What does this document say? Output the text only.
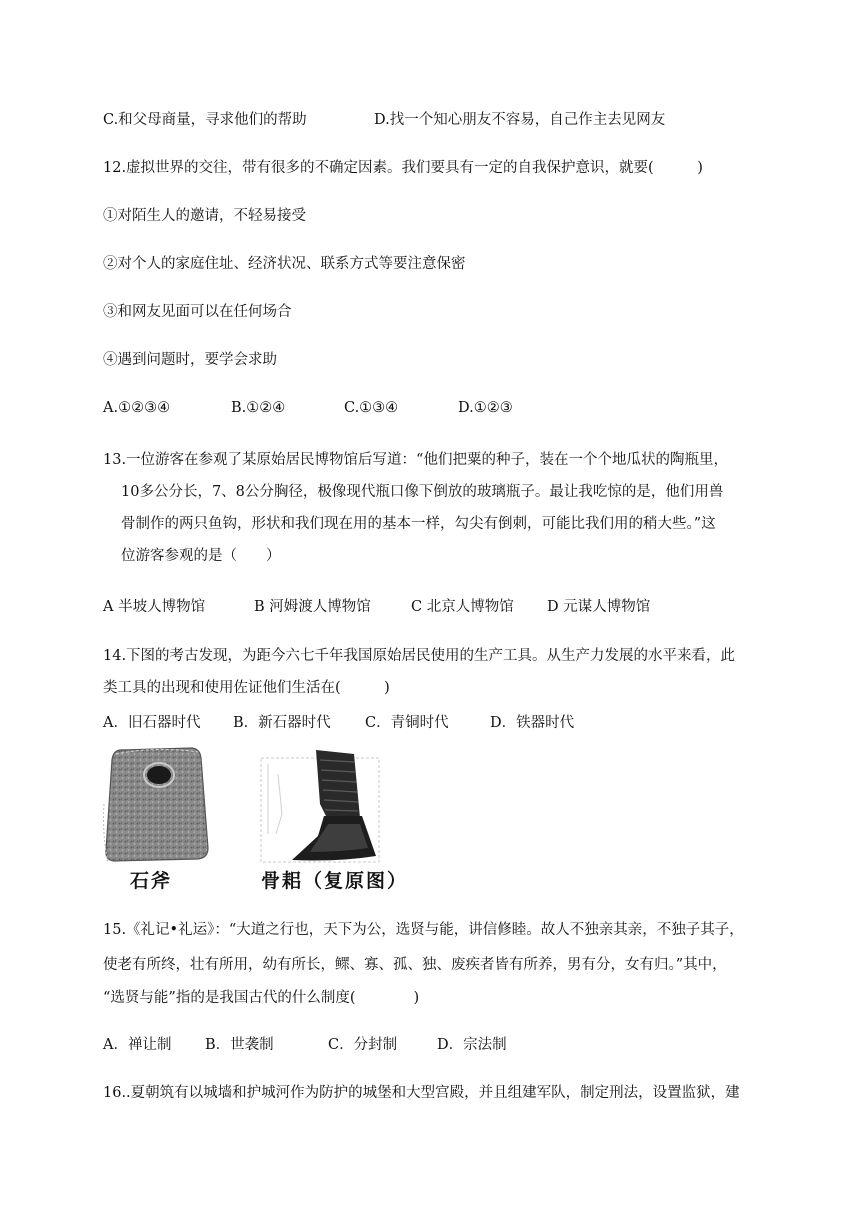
C.和父母商量，寻求他们的帮助	D.找一个知心朋友不容易，自己作主去见网友
12.虚拟世界的交往，带有很多的不确定因素。我们要具有一定的自我保护意识，就要(　　　)
①对陌生人的邀请，不轻易接受
②对个人的家庭住址、经济状况、联系方式等要注意保密
③和网友见面可以在任何场合
④遇到问题时，要学会求助
A.①②③④	B.①②④	C.①③④	D.①②③
13.一位游客在参观了某原始居民博物馆后写道：“他们把粟的种子，装在一个个地瓜状的陶瓶里，
10多公分长，7、8公分胸径，极像现代瓶口像下倒放的玻璃瓶子。最让我吃惊的是，他们用兽
骨制作的两只鱼钩，形状和我们现在用的基本一样，勾尖有倒刺，可能比我们用的稍大些。”这
位游客参观的是（　　）
A 半坡人博物馆	B 河姆渡人博物馆	C 北京人博物馆 D 元谋人博物馆
14.下图的考古发现，为距今六七千年我国原始居民使用的生产工具。从生产力发展的水平来看，此
类工具的出现和使用佐证他们生活在(　　　)
A．旧石器时代 B．新石器时代 C．青铜时代	D．铁器时代
石斧	骨耜（复原图）
15.《礼记•礼运》：“大道之行也，天下为公，选贤与能，讲信修睦。故人不独亲其亲，不独子其子，
使老有所终，壮有所用，幼有所长，鳏、寡、孤、独、废疾者皆有所养，男有分，女有归。”其中，
“选贤与能”指的是我国古代的什么制度(　　　　)
A．禅让制 B．世袭制	C．分封制	D．宗法制
16..夏朝筑有以城墙和护城河作为防护的城堡和大型宫殿，并且组建军队，制定刑法，设置监狱，建
